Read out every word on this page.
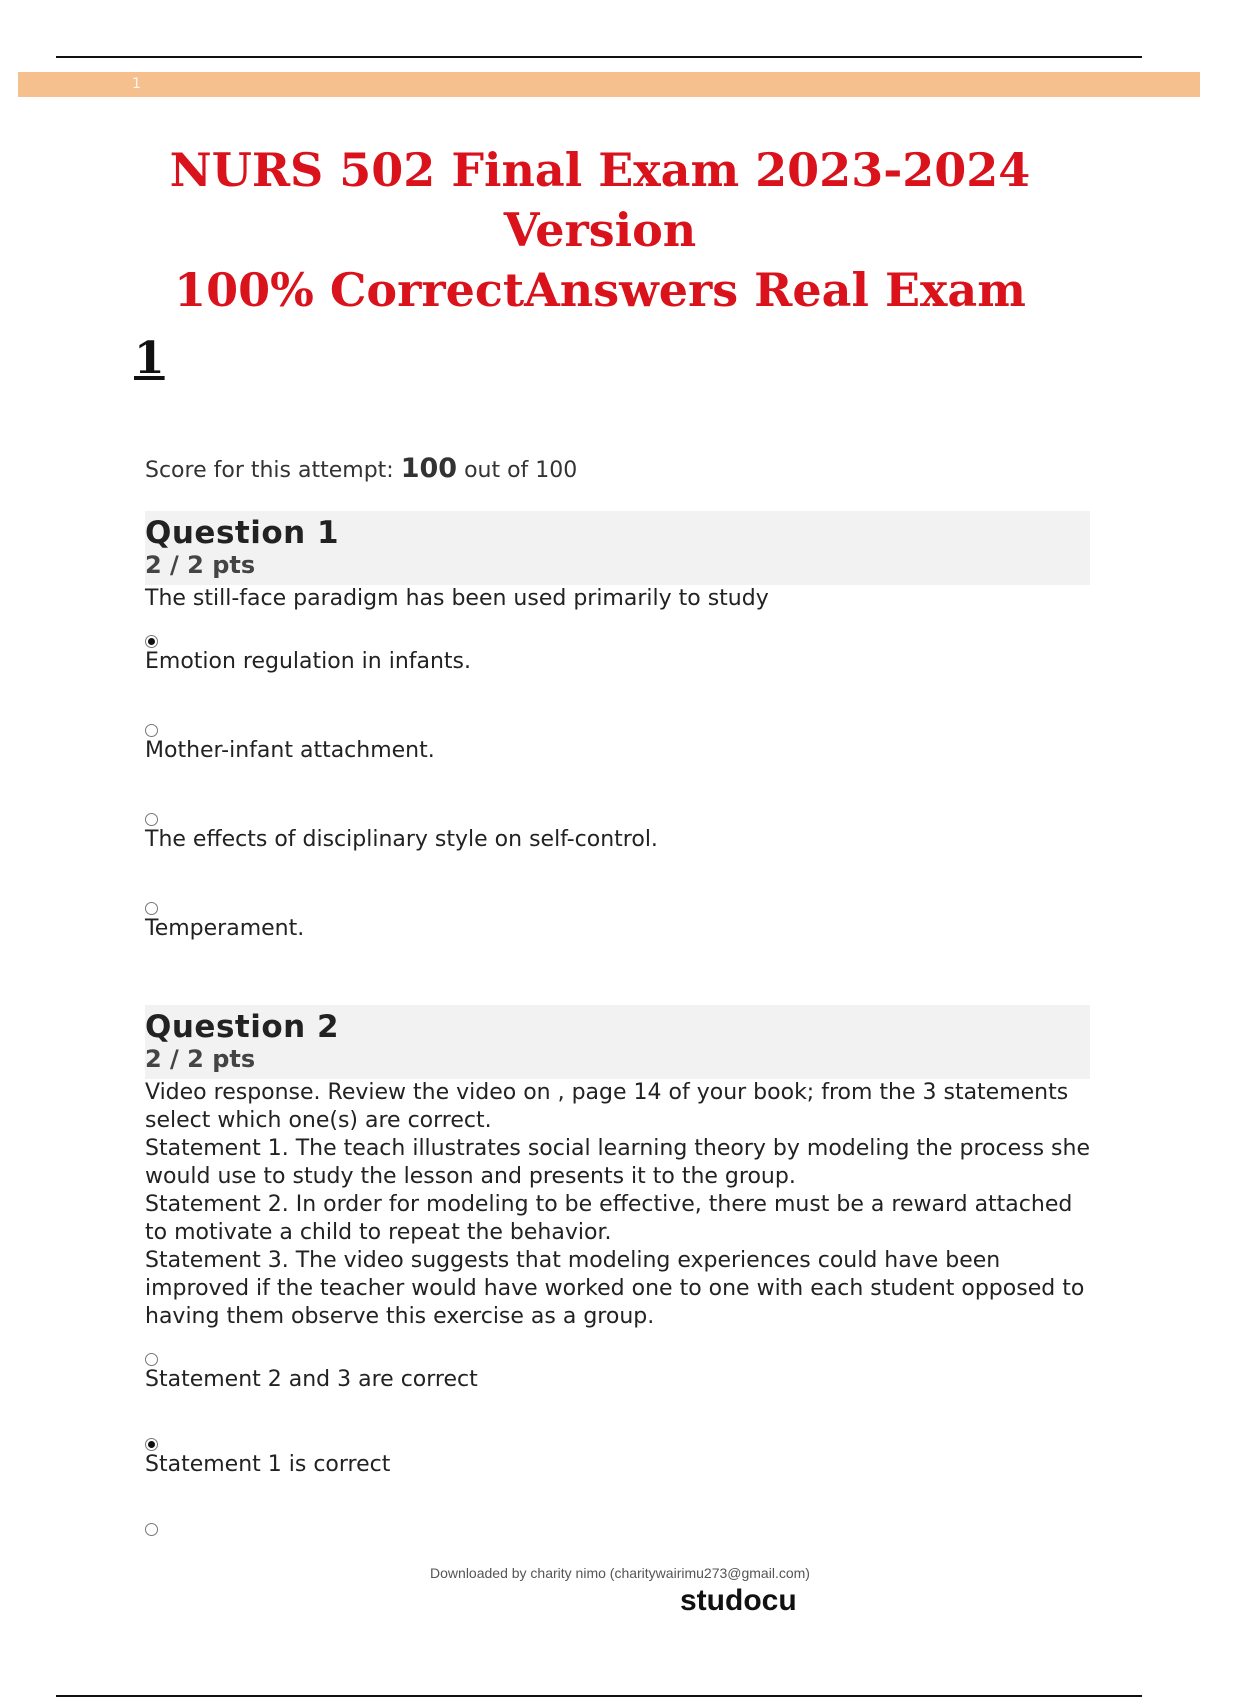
1
NURS 502 Final Exam 2023-2024 Version
100% CorrectAnswers Real Exam
1

Score for this attempt: 100 out of 100

Question 1
2 / 2 pts

The still-face paradigm has been used primarily to study

Emotion regulation in infants.
Mother-infant attachment.
The effects of disciplinary style on self-control.
Temperament.
Question 2
2 / 2 pts

Video response. Review the video on , page 14 of your book; from the 3 statements select which one(s) are correct.
Statement 1. The teach illustrates social learning theory by modeling the process she would use to study the lesson and presents it to the group.
Statement 2. In order for modeling to be effective, there must be a reward attached to motivate a child to repeat the behavior.
Statement 3. The video suggests that modeling experiences could have been improved if the teacher would have worked one to one with each student opposed to having them observe this exercise as a group.

Statement 2 and 3 are correct
Statement 1 is correct
Downloaded by charity nimo (charitywairimu273@gmail.com)
studocu
